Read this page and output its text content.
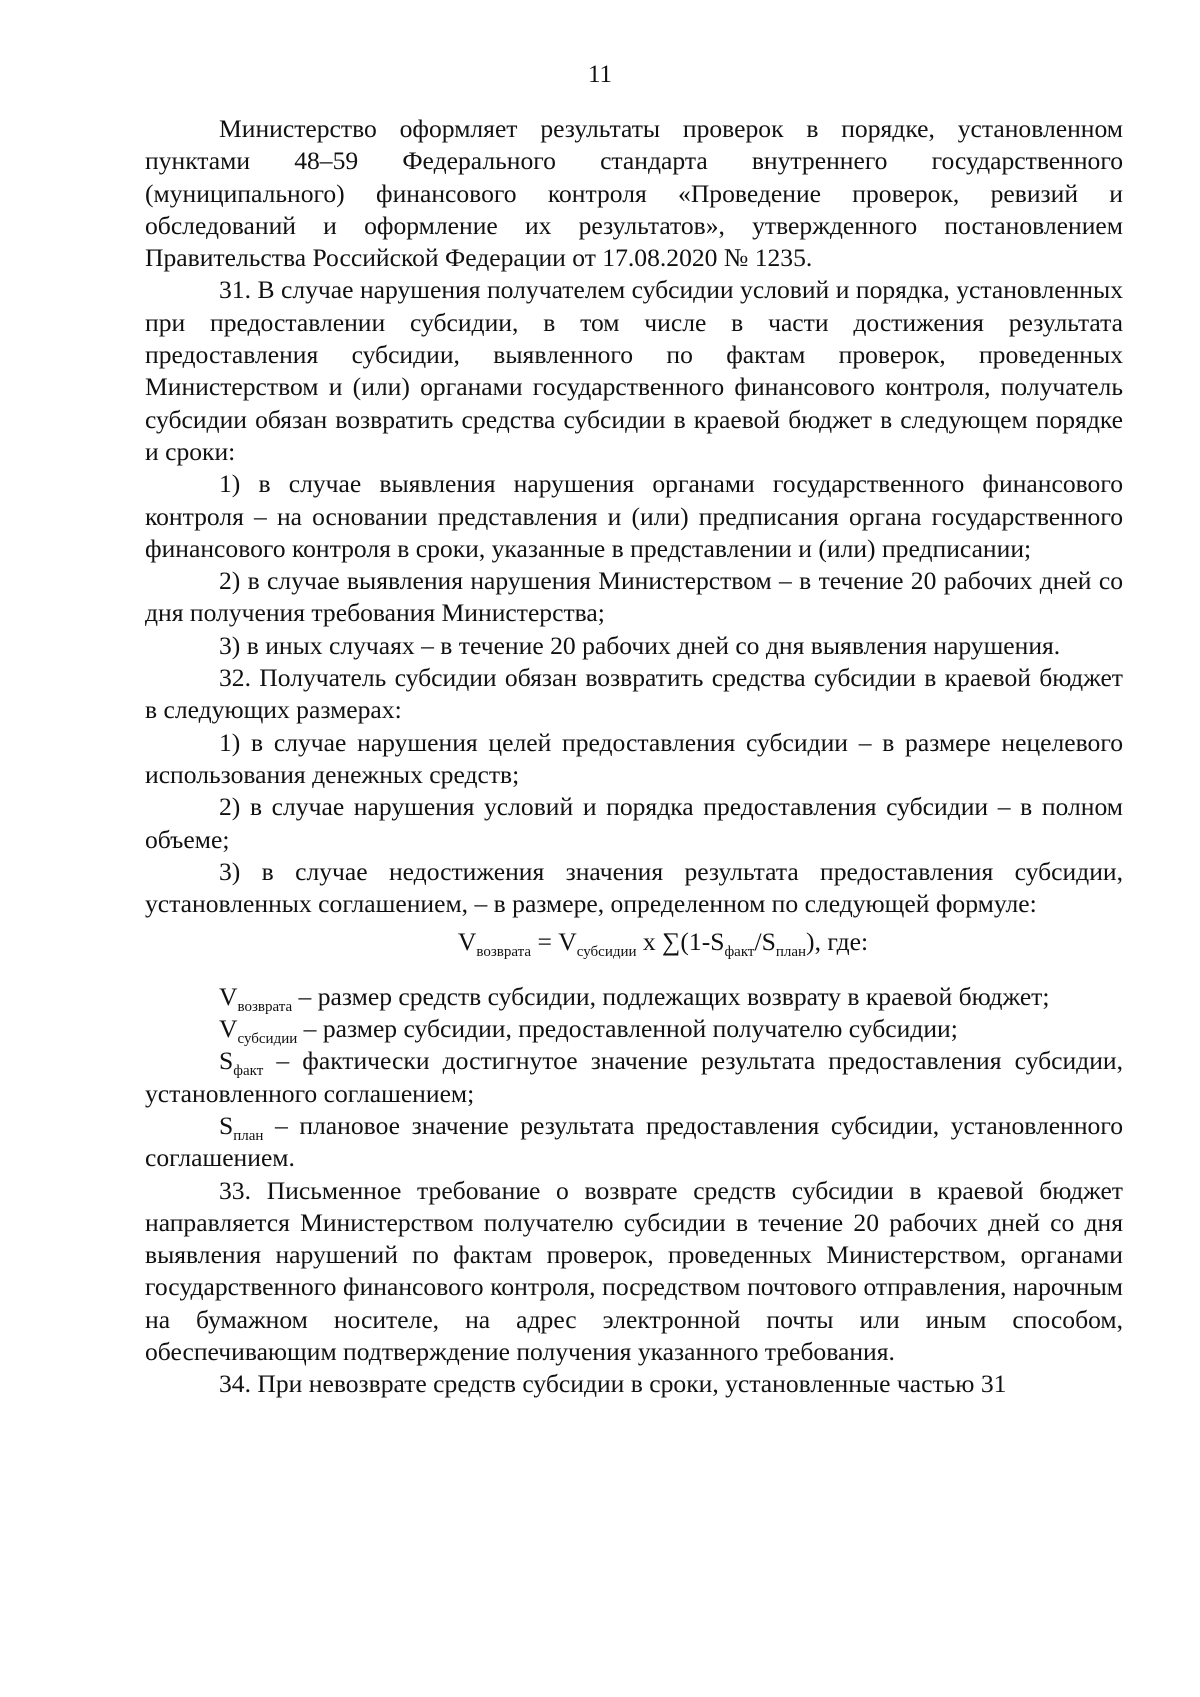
11

Министерство оформляет результаты проверок в порядке, установленном пунктами 48–59 Федерального стандарта внутреннего государственного (муниципального) финансового контроля «Проведение проверок, ревизий и обследований и оформление их результатов», утвержденного постановлением Правительства Российской Федерации от 17.08.2020 № 1235.

31. В случае нарушения получателем субсидии условий и порядка, установленных при предоставлении субсидии, в том числе в части достижения результата предоставления субсидии, выявленного по фактам проверок, проведенных Министерством и (или) органами государственного финансового контроля, получатель субсидии обязан возвратить средства субсидии в краевой бюджет в следующем порядке и сроки:

1) в случае выявления нарушения органами государственного финансового контроля – на основании представления и (или) предписания органа государственного финансового контроля в сроки, указанные в представлении и (или) предписании;

2) в случае выявления нарушения Министерством – в течение 20 рабочих дней со дня получения требования Министерства;

3) в иных случаях – в течение 20 рабочих дней со дня выявления нарушения.

32. Получатель субсидии обязан возвратить средства субсидии в краевой бюджет в следующих размерах:

1) в случае нарушения целей предоставления субсидии – в размере нецелевого использования денежных средств;

2) в случае нарушения условий и порядка предоставления субсидии – в полном объеме;

3) в случае недостижения значения результата предоставления субсидии, установленных соглашением, – в размере, определенном по следующей формуле:

$V_{возврата} = V_{субсидии}$ х $\sum(1-S_{факт}/S_{план})$, где:

$V_{возврата}$ – размер средств субсидии, подлежащих возврату в краевой бюджет;

$V_{субсидии}$ – размер субсидии, предоставленной получателю субсидии;

$S_{факт}$ – фактически достигнутое значение результата предоставления субсидии, установленного соглашением;

$S_{план}$ – плановое значение результата предоставления субсидии, установленного соглашением.

33. Письменное требование о возврате средств субсидии в краевой бюджет направляется Министерством получателю субсидии в течение 20 рабочих дней со дня выявления нарушений по фактам проверок, проведенных Министерством, органами государственного финансового контроля, посредством почтового отправления, нарочным на бумажном носителе, на адрес электронной почты или иным способом, обеспечивающим подтверждение получения указанного требования.

34. При невозврате средств субсидии в сроки, установленные частью 31
